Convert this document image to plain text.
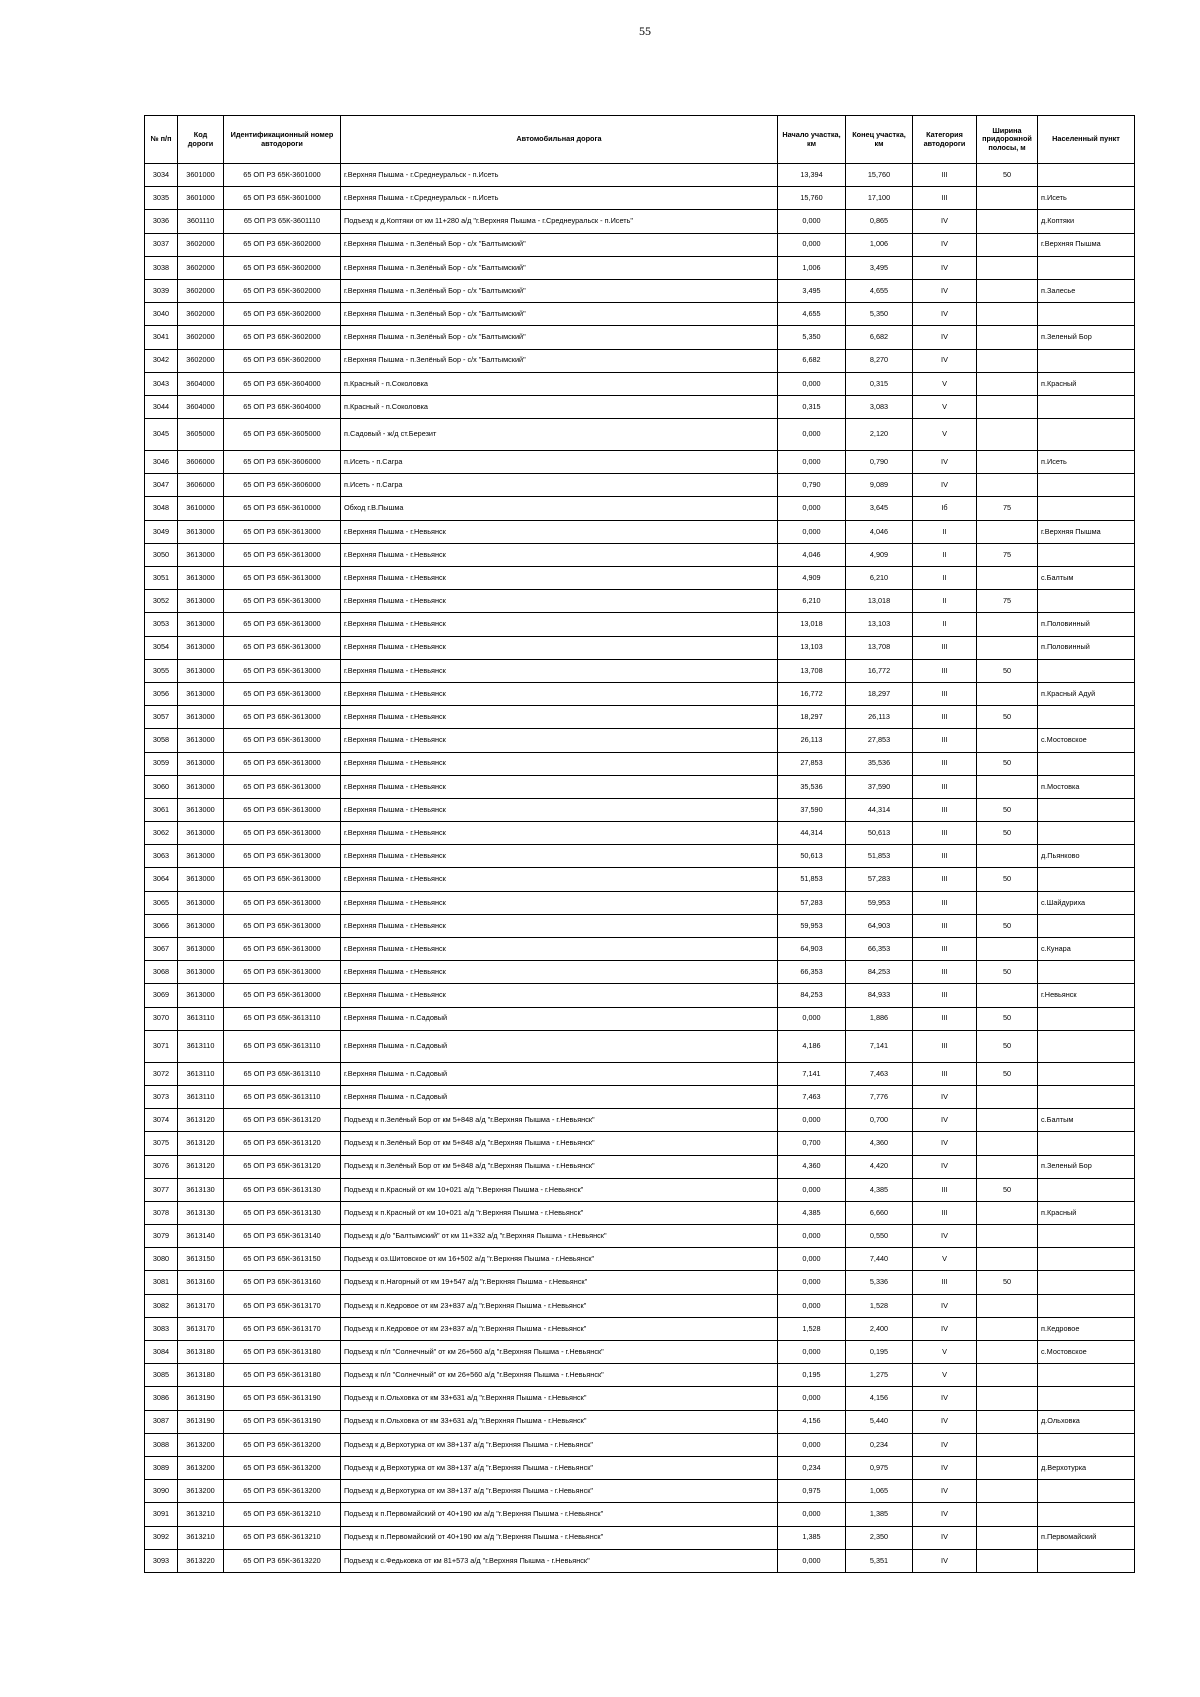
55
№ п/п	Код дороги	Идентификационный номер автодороги	Автомобильная дорога	Начало участка, км	Конец участка, км	Категория автодороги	Ширина придорожной полосы, м	Населенный пункт
3034	3601000	65 ОП РЗ 65К-3601000	г.Верхняя Пышма - г.Среднеуральск - п.Исеть	13,394	15,760	III	50	
3035	3601000	65 ОП РЗ 65К-3601000	г.Верхняя Пышма - г.Среднеуральск - п.Исеть	15,760	17,100	III		п.Исеть
3036	3601110	65 ОП РЗ 65К-3601110	Подъезд к д.Коптяки от км 11+280 а/д "г.Верхняя Пышма - г.Среднеуральск - п.Исеть"	0,000	0,865	IV		д.Коптяки
3037	3602000	65 ОП РЗ 65К-3602000	г.Верхняя Пышма - п.Зелёный Бор - с/х "Балтымский"	0,000	1,006	IV		г.Верхняя Пышма
3038	3602000	65 ОП РЗ 65К-3602000	г.Верхняя Пышма - п.Зелёный Бор - с/х "Балтымский"	1,006	3,495	IV		
3039	3602000	65 ОП РЗ 65К-3602000	г.Верхняя Пышма - п.Зелёный Бор - с/х "Балтымский"	3,495	4,655	IV		п.Залесье
3040	3602000	65 ОП РЗ 65К-3602000	г.Верхняя Пышма - п.Зелёный Бор - с/х "Балтымский"	4,655	5,350	IV		
3041	3602000	65 ОП РЗ 65К-3602000	г.Верхняя Пышма - п.Зелёный Бор - с/х "Балтымский"	5,350	6,682	IV		п.Зеленый Бор
3042	3602000	65 ОП РЗ 65К-3602000	г.Верхняя Пышма - п.Зелёный Бор - с/х "Балтымский"	6,682	8,270	IV		
3043	3604000	65 ОП РЗ 65К-3604000	п.Красный - п.Соколовка	0,000	0,315	V		п.Красный
3044	3604000	65 ОП РЗ 65К-3604000	п.Красный - п.Соколовка	0,315	3,083	V		
3045	3605000	65 ОП РЗ 65К-3605000	п.Садовый - ж/д ст.Березит	0,000	2,120	V		
3046	3606000	65 ОП РЗ 65К-3606000	п.Исеть - п.Сагра	0,000	0,790	IV		п.Исеть
3047	3606000	65 ОП РЗ 65К-3606000	п.Исеть - п.Сагра	0,790	9,089	IV		
3048	3610000	65 ОП РЗ 65К-3610000	Обход г.В.Пышма	0,000	3,645	Iб	75	
3049	3613000	65 ОП РЗ 65К-3613000	г.Верхняя Пышма - г.Невьянск	0,000	4,046	II		г.Верхняя Пышма
3050	3613000	65 ОП РЗ 65К-3613000	г.Верхняя Пышма - г.Невьянск	4,046	4,909	II	75	
3051	3613000	65 ОП РЗ 65К-3613000	г.Верхняя Пышма - г.Невьянск	4,909	6,210	II		с.Балтым
3052	3613000	65 ОП РЗ 65К-3613000	г.Верхняя Пышма - г.Невьянск	6,210	13,018	II	75	
3053	3613000	65 ОП РЗ 65К-3613000	г.Верхняя Пышма - г.Невьянск	13,018	13,103	II		п.Половинный
3054	3613000	65 ОП РЗ 65К-3613000	г.Верхняя Пышма - г.Невьянск	13,103	13,708	III		п.Половинный
3055	3613000	65 ОП РЗ 65К-3613000	г.Верхняя Пышма - г.Невьянск	13,708	16,772	III	50	
3056	3613000	65 ОП РЗ 65К-3613000	г.Верхняя Пышма - г.Невьянск	16,772	18,297	III		п.Красный Адуй
3057	3613000	65 ОП РЗ 65К-3613000	г.Верхняя Пышма - г.Невьянск	18,297	26,113	III	50	
3058	3613000	65 ОП РЗ 65К-3613000	г.Верхняя Пышма - г.Невьянск	26,113	27,853	III		с.Мостовское
3059	3613000	65 ОП РЗ 65К-3613000	г.Верхняя Пышма - г.Невьянск	27,853	35,536	III	50	
3060	3613000	65 ОП РЗ 65К-3613000	г.Верхняя Пышма - г.Невьянск	35,536	37,590	III		п.Мостовка
3061	3613000	65 ОП РЗ 65К-3613000	г.Верхняя Пышма - г.Невьянск	37,590	44,314	III	50	
3062	3613000	65 ОП РЗ 65К-3613000	г.Верхняя Пышма - г.Невьянск	44,314	50,613	III	50	
3063	3613000	65 ОП РЗ 65К-3613000	г.Верхняя Пышма - г.Невьянск	50,613	51,853	III		д.Пьянково
3064	3613000	65 ОП РЗ 65К-3613000	г.Верхняя Пышма - г.Невьянск	51,853	57,283	III	50	
3065	3613000	65 ОП РЗ 65К-3613000	г.Верхняя Пышма - г.Невьянск	57,283	59,953	III		с.Шайдуриха
3066	3613000	65 ОП РЗ 65К-3613000	г.Верхняя Пышма - г.Невьянск	59,953	64,903	III	50	
3067	3613000	65 ОП РЗ 65К-3613000	г.Верхняя Пышма - г.Невьянск	64,903	66,353	III		с.Кунара
3068	3613000	65 ОП РЗ 65К-3613000	г.Верхняя Пышма - г.Невьянск	66,353	84,253	III	50	
3069	3613000	65 ОП РЗ 65К-3613000	г.Верхняя Пышма - г.Невьянск	84,253	84,933	III		г.Невьянск
3070	3613110	65 ОП РЗ 65К-3613110	г.Верхняя Пышма - п.Садовый	0,000	1,886	III	50	
3071	3613110	65 ОП РЗ 65К-3613110	г.Верхняя Пышма - п.Садовый	4,186	7,141	III	50	
3072	3613110	65 ОП РЗ 65К-3613110	г.Верхняя Пышма - п.Садовый	7,141	7,463	III	50	
3073	3613110	65 ОП РЗ 65К-3613110	г.Верхняя Пышма - п.Садовый	7,463	7,776	IV		
3074	3613120	65 ОП РЗ 65К-3613120	Подъезд к п.Зелёный Бор от км 5+848 а/д "г.Верхняя Пышма - г.Невьянск"	0,000	0,700	IV		с.Балтым
3075	3613120	65 ОП РЗ 65К-3613120	Подъезд к п.Зелёный Бор от км 5+848 а/д "г.Верхняя Пышма - г.Невьянск"	0,700	4,360	IV		
3076	3613120	65 ОП РЗ 65К-3613120	Подъезд к п.Зелёный Бор от км 5+848 а/д "г.Верхняя Пышма - г.Невьянск"	4,360	4,420	IV		п.Зеленый Бор
3077	3613130	65 ОП РЗ 65К-3613130	Подъезд к п.Красный от км 10+021 а/д "г.Верхняя Пышма - г.Невьянск"	0,000	4,385	III	50	
3078	3613130	65 ОП РЗ 65К-3613130	Подъезд к п.Красный от км 10+021 а/д "г.Верхняя Пышма - г.Невьянск"	4,385	6,660	III		п.Красный
3079	3613140	65 ОП РЗ 65К-3613140	Подъезд к д/о "Балтымский" от км 11+332 а/д "г.Верхняя Пышма - г.Невьянск"	0,000	0,550	IV		
3080	3613150	65 ОП РЗ 65К-3613150	Подъезд к оз.Шитовское от км 16+502 а/д "г.Верхняя Пышма - г.Невьянск"	0,000	7,440	V		
3081	3613160	65 ОП РЗ 65К-3613160	Подъезд к п.Нагорный от км 19+547 а/д "г.Верхняя Пышма - г.Невьянск"	0,000	5,336	III	50	
3082	3613170	65 ОП РЗ 65К-3613170	Подъезд к п.Кедровое от км 23+837 а/д "г.Верхняя Пышма - г.Невьянск"	0,000	1,528	IV		
3083	3613170	65 ОП РЗ 65К-3613170	Подъезд к п.Кедровое от км 23+837 а/д "г.Верхняя Пышма - г.Невьянск"	1,528	2,400	IV		п.Кедровое
3084	3613180	65 ОП РЗ 65К-3613180	Подъезд к п/л "Солнечный" от км 26+560 а/д "г.Верхняя Пышма - г.Невьянск"	0,000	0,195	V		с.Мостовское
3085	3613180	65 ОП РЗ 65К-3613180	Подъезд к п/л "Солнечный" от км 26+560 а/д "г.Верхняя Пышма - г.Невьянск"	0,195	1,275	V		
3086	3613190	65 ОП РЗ 65К-3613190	Подъезд к п.Ольховка от км 33+631 а/д "г.Верхняя Пышма - г.Невьянск"	0,000	4,156	IV		
3087	3613190	65 ОП РЗ 65К-3613190	Подъезд к п.Ольховка от км 33+631 а/д "г.Верхняя Пышма - г.Невьянск"	4,156	5,440	IV		д.Ольховка
3088	3613200	65 ОП РЗ 65К-3613200	Подъезд к д.Верхотурка от км 38+137 а/д "г.Верхняя Пышма - г.Невьянск"	0,000	0,234	IV		
3089	3613200	65 ОП РЗ 65К-3613200	Подъезд к д.Верхотурка от км 38+137 а/д "г.Верхняя Пышма - г.Невьянск"	0,234	0,975	IV		д.Верхотурка
3090	3613200	65 ОП РЗ 65К-3613200	Подъезд к д.Верхотурка от км 38+137 а/д "г.Верхняя Пышма - г.Невьянск"	0,975	1,065	IV		
3091	3613210	65 ОП РЗ 65К-3613210	Подъезд к п.Первомайский от 40+190 км а/д "г.Верхняя Пышма - г.Невьянск"	0,000	1,385	IV		
3092	3613210	65 ОП РЗ 65К-3613210	Подъезд к п.Первомайский от 40+190 км а/д "г.Верхняя Пышма - г.Невьянск"	1,385	2,350	IV		п.Первомайский
3093	3613220	65 ОП РЗ 65К-3613220	Подъезд к с.Федьковка от км 81+573 а/д "г.Верхняя Пышма - г.Невьянск"	0,000	5,351	IV		
